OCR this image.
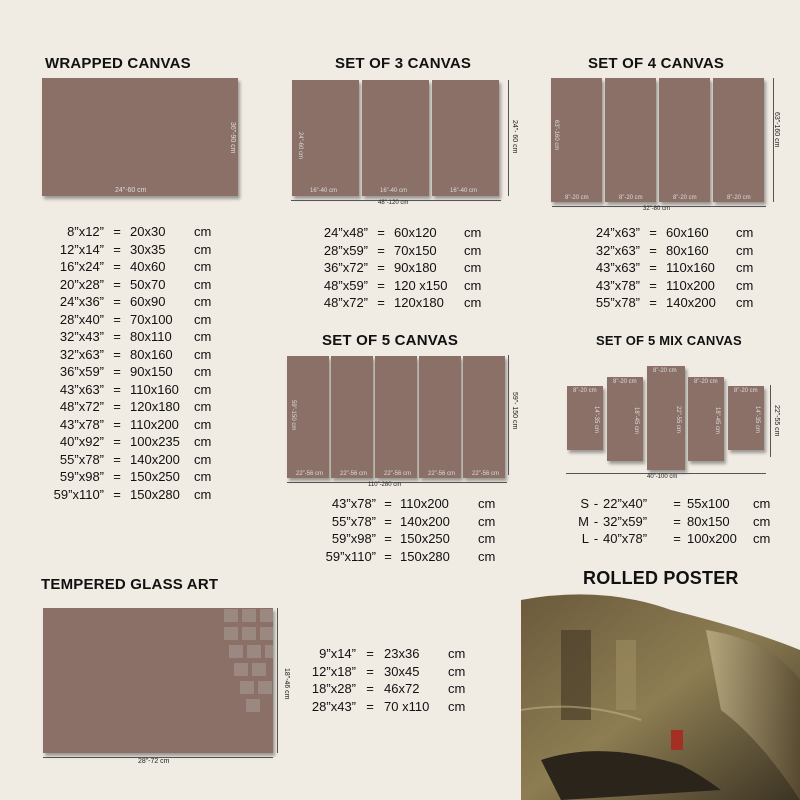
WRAPPED CANVAS
24”-60 cm
36”-90 cm
8”x12” = 20x30	cm
12”x14” = 30x35	cm
16”x24” = 40x60	cm
20”x28” = 50x70	cm
24”x36” = 60x90	cm
28”x40” = 70x100	cm
32”x43” = 80x110	cm
32”x63” = 80x160	cm
36”x59” = 90x150	cm
43”x63” = 110x160	cm
48”x72” = 120x180	cm
43”x78” = 110x200	cm
40”x92” = 100x235	cm
55”x78” = 140x200	cm
59”x98” = 150x250	cm
59”x110” = 150x280	cm
SET OF 3 CANVAS
16”-40 cm	16”-40 cm	16”-40 cm
24”-60 cm	24”- 60 cm
48”-120 cm
24”x48” = 60x120	cm
28”x59” = 70x150	cm
36”x72” = 90x180	cm
48”x59” = 120 x150	cm
48”x72” = 120x180	cm
SET OF 4 CANVAS
8”-20 cm	8”-20 cm	8”-20 cm	8”-20 cm
63”-160 cm	63”-160 cm
32”-80 cm
24”x63” = 60x160	cm
32”x63” = 80x160	cm
43”x63” = 110x160	cm
43”x78” = 110x200	cm
55”x78” = 140x200	cm
SET OF 5 CANVAS
22”-56 cm	22”-56 cm	22”-56 cm	22”-56 cm	22”-56 cm
59”-150 cm	59”- 150 cm
110”-280 cm
43”x78” = 110x200	cm
55”x78” = 140x200	cm
59”x98” = 150x250	cm
59”x110” = 150x280	cm
SET OF 5 MIX CANVAS
8”-20 cm
14”-35 cm
8”-20 cm
18”-45 cm
8”-20 cm
22”-55 cm
8”-20 cm
18”-45 cm
8”-20 cm
14”-35 cm 22”-55 cm
40”-100 cm
S - 22”x40”	= 55x100	cm
M - 32”x59”	= 80x150	cm
L - 40”x78”	= 100x200	cm
TEMPERED GLASS ART
18”-46 cm
28”-72 cm
9”x14” = 23x36	cm
12”x18” = 30x45	cm
18”x28” = 46x72	cm
28”x43” = 70 x110	cm
ROLLED POSTER
